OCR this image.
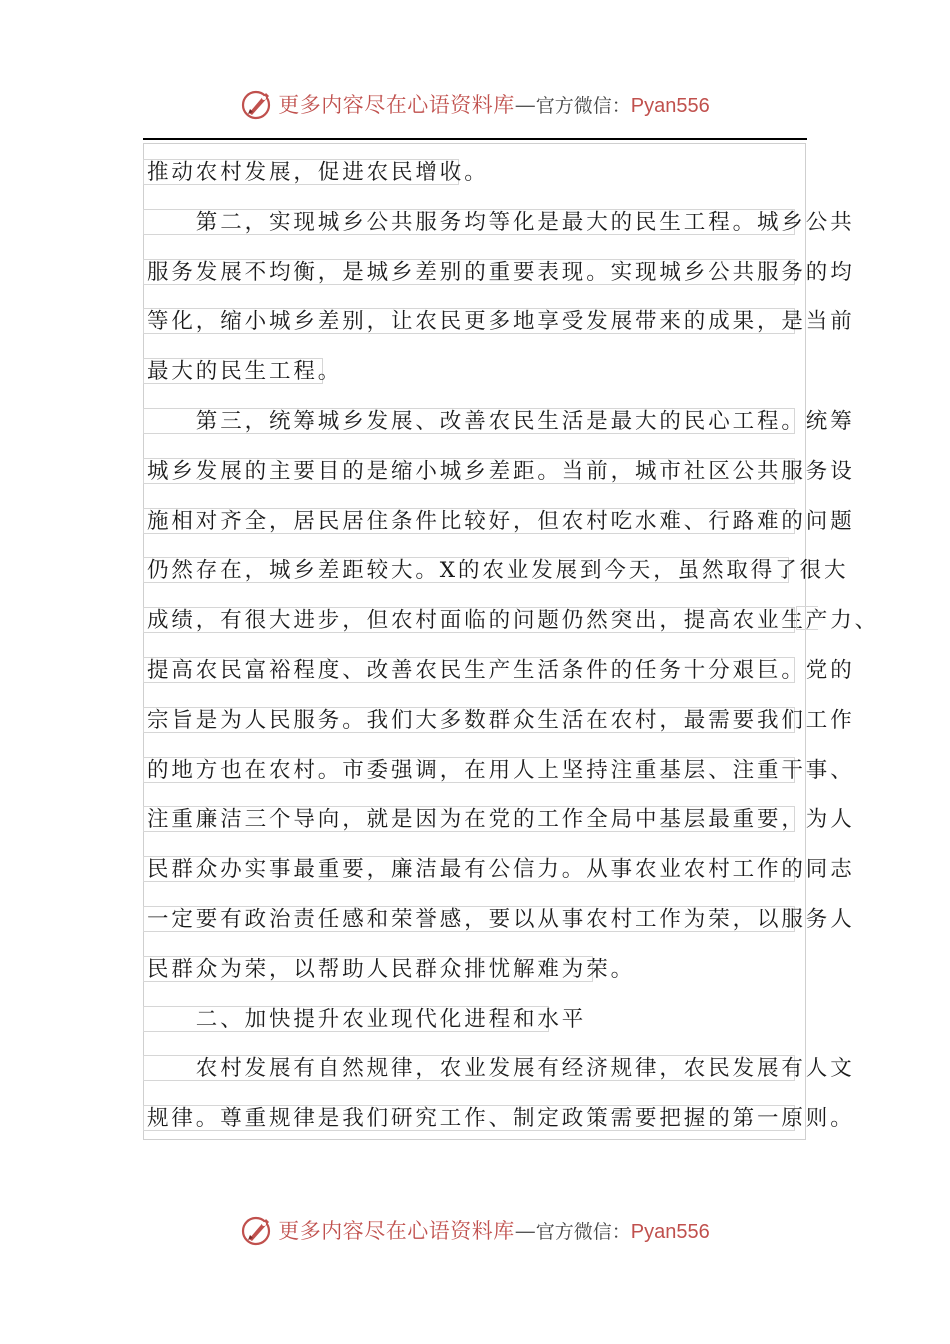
更多内容尽在心语资料库 — 官方微信： Pyan556
推动农村发展，促进农民增收。
　　第二，实现城乡公共服务均等化是最大的民生工程。城乡公共
服务发展不均衡，是城乡差别的重要表现。实现城乡公共服务的均
等化，缩小城乡差别，让农民更多地享受发展带来的成果，是当前
最大的民生工程。
　　第三，统筹城乡发展、改善农民生活是最大的民心工程。统筹
城乡发展的主要目的是缩小城乡差距。当前，城市社区公共服务设
施相对齐全，居民居住条件比较好，但农村吃水难、行路难的问题
仍然存在，城乡差距较大。X的农业发展到今天，虽然取得了很大
成绩，有很大进步，但农村面临的问题仍然突出，提高农业生产力、
提高农民富裕程度、改善农民生产生活条件的任务十分艰巨。党的
宗旨是为人民服务。我们大多数群众生活在农村，最需要我们工作
的地方也在农村。市委强调，在用人上坚持注重基层、注重干事、
注重廉洁三个导向，就是因为在党的工作全局中基层最重要，为人
民群众办实事最重要，廉洁最有公信力。从事农业农村工作的同志
一定要有政治责任感和荣誉感，要以从事农村工作为荣，以服务人
民群众为荣，以帮助人民群众排忧解难为荣。
　　二、加快提升农业现代化进程和水平
　　农村发展有自然规律，农业发展有经济规律，农民发展有人文
规律。尊重规律是我们研究工作、制定政策需要把握的第一原则。
更多内容尽在心语资料库 — 官方微信： Pyan556
